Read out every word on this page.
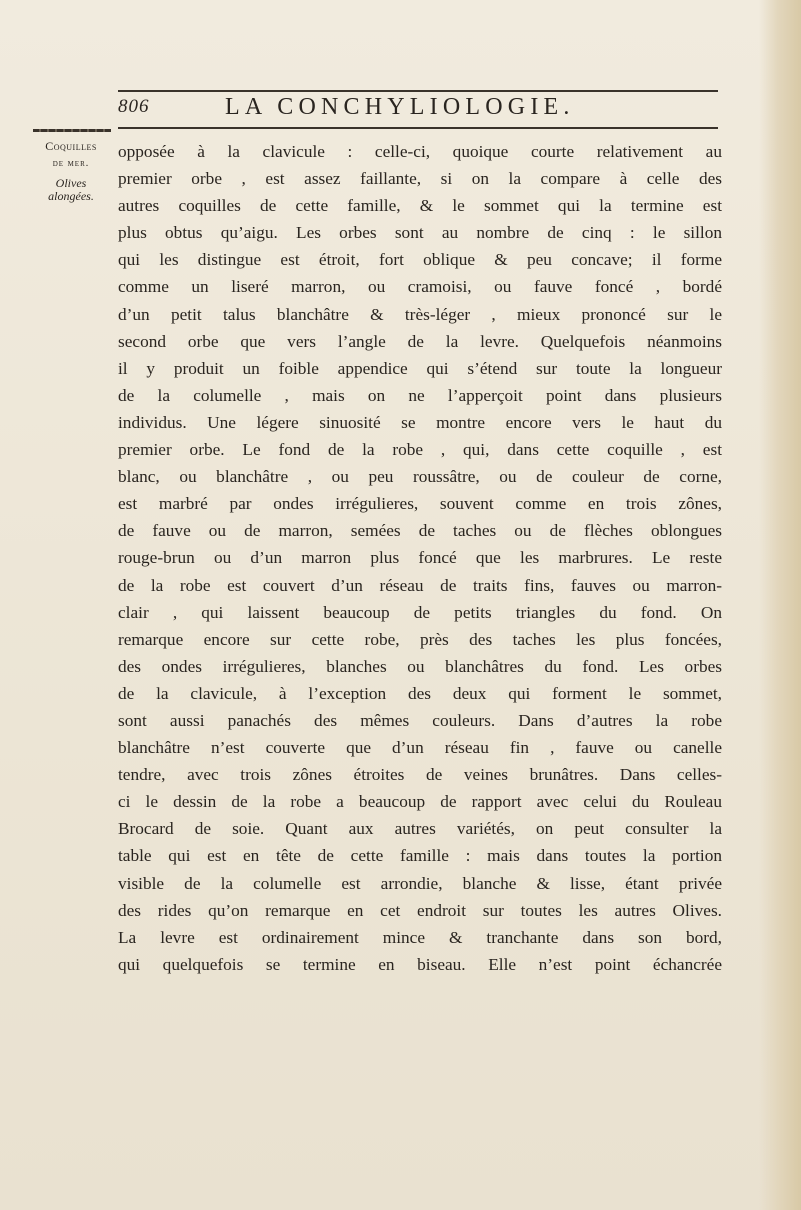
806	LA CONCHYLIOLOGIE.
Coquilles
de mer.
Olives
alongées.
opposée à la clavicule : celle-ci, quoique courte relativement au
premier orbe , est assez faillante, si on la compare à celle des
autres coquilles de cette famille, & le sommet qui la termine est
plus obtus qu’aigu. Les orbes sont au nombre de cinq : le sillon
qui les distingue est étroit, fort oblique & peu concave; il forme
comme un liseré marron, ou cramoisi, ou fauve foncé , bordé
d’un petit talus blanchâtre & très-léger , mieux prononcé sur le
second orbe que vers l’angle de la levre. Quelquefois néanmoins
il y produit un foible appendice qui s’étend sur toute la longueur
de la columelle , mais on ne l’apperçoit point dans plusieurs
individus. Une légere sinuosité se montre encore vers le haut du
premier orbe. Le fond de la robe , qui, dans cette coquille , est
blanc, ou blanchâtre , ou peu roussâtre, ou de couleur de corne,
est marbré par ondes irrégulieres, souvent comme en trois zônes,
de fauve ou de marron, semées de taches ou de flèches oblongues
rouge-brun ou d’un marron plus foncé que les marbrures. Le reste
de la robe est couvert d’un réseau de traits fins, fauves ou marron-
clair , qui laissent beaucoup de petits triangles du fond. On
remarque encore sur cette robe, près des taches les plus foncées,
des ondes irrégulieres, blanches ou blanchâtres du fond. Les orbes
de la clavicule, à l’exception des deux qui forment le sommet,
sont aussi panachés des mêmes couleurs. Dans d’autres la robe
blanchâtre n’est couverte que d’un réseau fin , fauve ou canelle
tendre, avec trois zônes étroites de veines brunâtres. Dans celles-
ci le dessin de la robe a beaucoup de rapport avec celui du Rouleau
Brocard de soie. Quant aux autres variétés, on peut consulter la
table qui est en tête de cette famille : mais dans toutes la portion
visible de la columelle est arrondie, blanche & lisse, étant privée
des rides qu’on remarque en cet endroit sur toutes les autres Olives.
La levre est ordinairement mince & tranchante dans son bord,
qui quelquefois se termine en biseau. Elle n’est point échancrée
